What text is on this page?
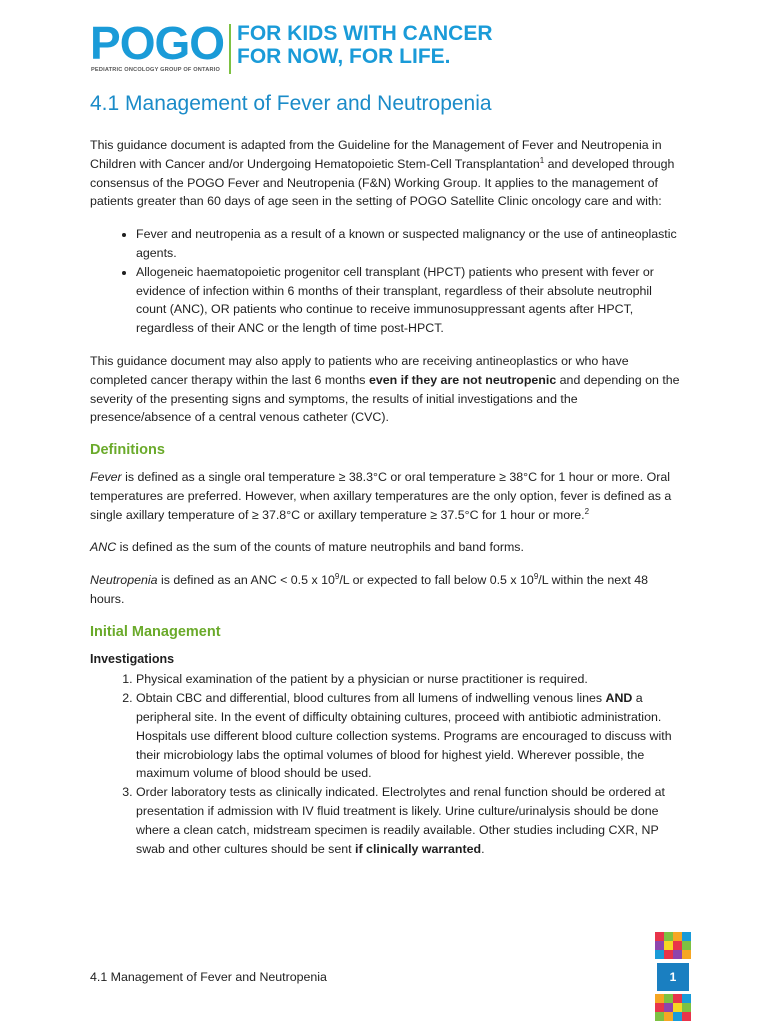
POGO
PEDIATRIC ONCOLOGY GROUP OF ONTARIO
FOR KIDS WITH CANCER
FOR NOW, FOR LIFE.
4.1 Management of Fever and Neutropenia

This guidance document is adapted from the Guideline for the Management of Fever and Neutropenia in Children with Cancer and/or Undergoing Hematopoietic Stem-Cell Transplantation$^1$ and developed through consensus of the POGO Fever and Neutropenia (F&N) Working Group. It applies to the management of patients greater than 60 days of age seen in the setting of POGO Satellite Clinic oncology care and with:

• Fever and neutropenia as a result of a known or suspected malignancy or the use of antineoplastic agents.
• Allogeneic haematopoietic progenitor cell transplant (HPCT) patients who present with fever or evidence of infection within 6 months of their transplant, regardless of their absolute neutrophil count (ANC), OR patients who continue to receive immunosuppressant agents after HPCT, regardless of their ANC or the length of time post-HPCT.

This guidance document may also apply to patients who are receiving antineoplastics or who have completed cancer therapy within the last 6 months even if they are not neutropenic and depending on the severity of the presenting signs and symptoms, the results of initial investigations and the presence/absence of a central venous catheter (CVC).

Definitions

Fever is defined as a single oral temperature ≥ 38.3°C or oral temperature ≥ 38°C for 1 hour or more. Oral temperatures are preferred. However, when axillary temperatures are the only option, fever is defined as a single axillary temperature of ≥ 37.8°C or axillary temperature ≥ 37.5°C for 1 hour or more.$^2$

ANC is defined as the sum of the counts of mature neutrophils and band forms.

Neutropenia is defined as an ANC < 0.5 x $10^9/L$ or expected to fall below 0.5 x $10^9/L$ within the next 48 hours.

Initial Management
Investigations
1. Physical examination of the patient by a physician or nurse practitioner is required.
2. Obtain CBC and differential, blood cultures from all lumens of indwelling venous lines AND a peripheral site. In the event of difficulty obtaining cultures, proceed with antibiotic administration. Hospitals use different blood culture collection systems. Programs are encouraged to discuss with their microbiology labs the optimal volumes of blood for highest yield. Wherever possible, the maximum volume of blood should be used.
3. Order laboratory tests as clinically indicated. Electrolytes and renal function should be ordered at presentation if admission with IV fluid treatment is likely. Urine culture/urinalysis should be done where a clean catch, midstream specimen is readily available. Other studies including CXR, NP swab and other cultures should be sent if clinically warranted.
4.1 Management of Fever and Neutropenia	1
